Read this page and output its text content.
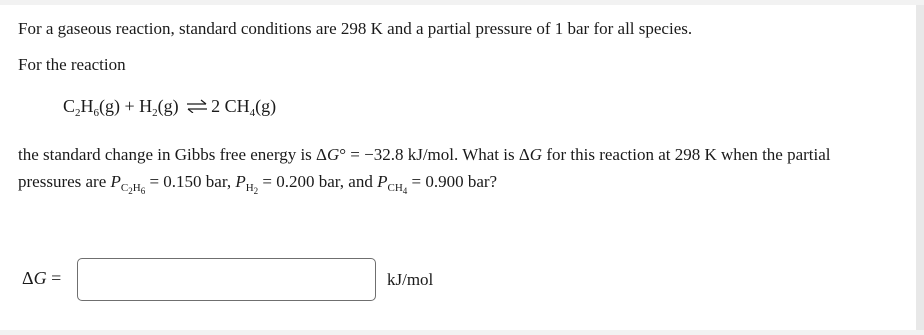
For a gaseous reaction, standard conditions are 298 K and a partial pressure of 1 bar for all species.
For the reaction
$C_2H_6(g) + H_2(g)$ ⇌ 2 $CH_4(g)$
the standard change in Gibbs free energy is ΔG° = −32.8 kJ/mol. What is ΔG for this reaction at 298 K when the partial
pressures are $P_{C_2H_6} = 0.150$ bar, $P_{H_2} = 0.200$ bar, and $P_{CH_4} = 0.900$ bar?
ΔG =	kJ/mol
